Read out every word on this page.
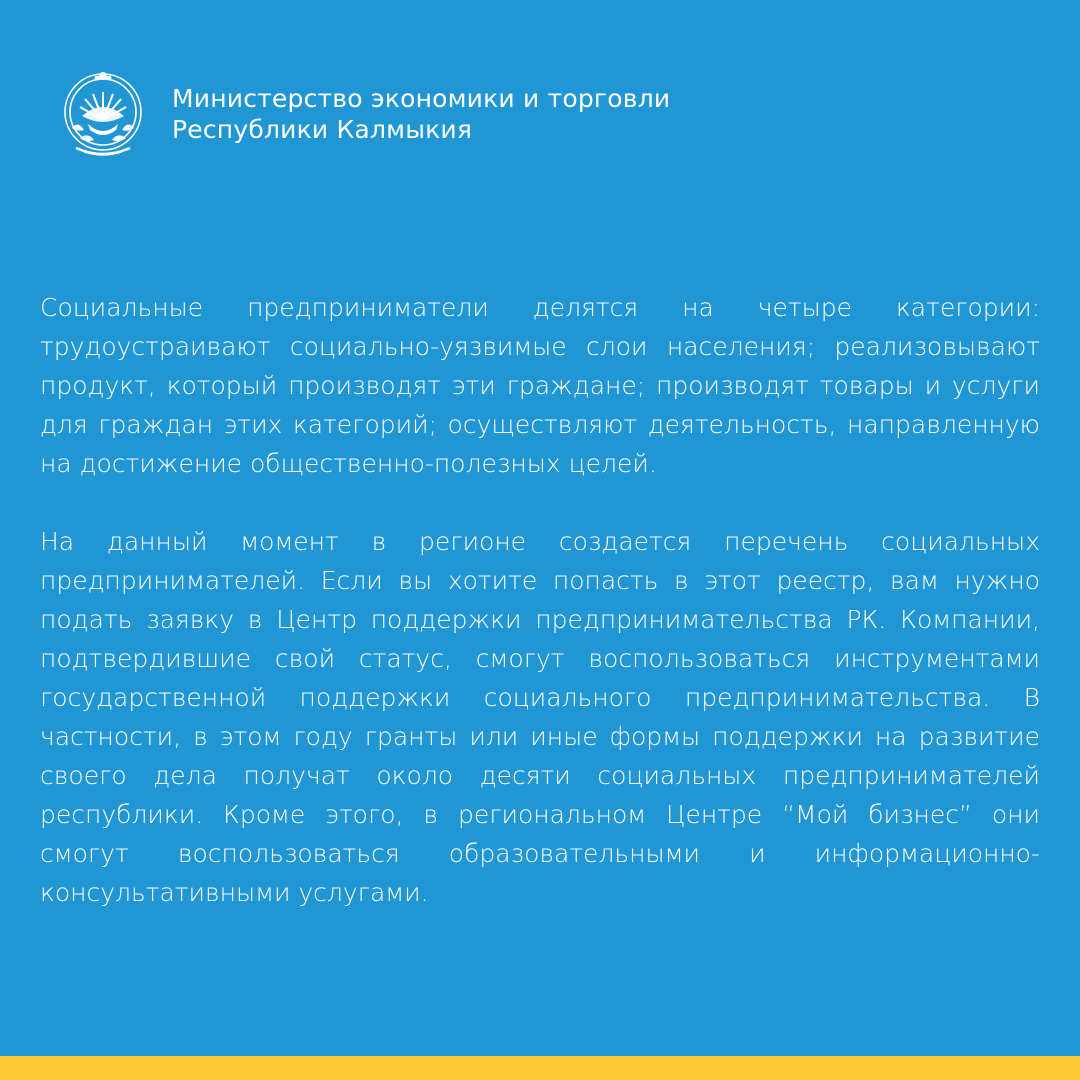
Министерство экономики и торговли
Республики Калмыкия

Социальные предприниматели делятся на четыре категории: трудоустраивают социально-уязвимые слои населения; реализовывают продукт, который производят эти граждане; производят товары и услуги для граждан этих категорий; осуществляют деятельность, направленную на достижение общественно-полезных целей.

На данный момент в регионе создается перечень социальных предпринимателей. Если вы хотите попасть в этот реестр, вам нужно подать заявку в Центр поддержки предпринимательства РК. Компании, подтвердившие свой статус, смогут воспользоваться инструментами государственной поддержки социального предпринимательства. В частности, в этом году гранты или иные формы поддержки на развитие своего дела получат около десяти социальных предпринимателей республики. Кроме этого, в региональном Центре “Мой бизнес” они смогут воспользоваться образовательными и информационно-консультативными услугами.
